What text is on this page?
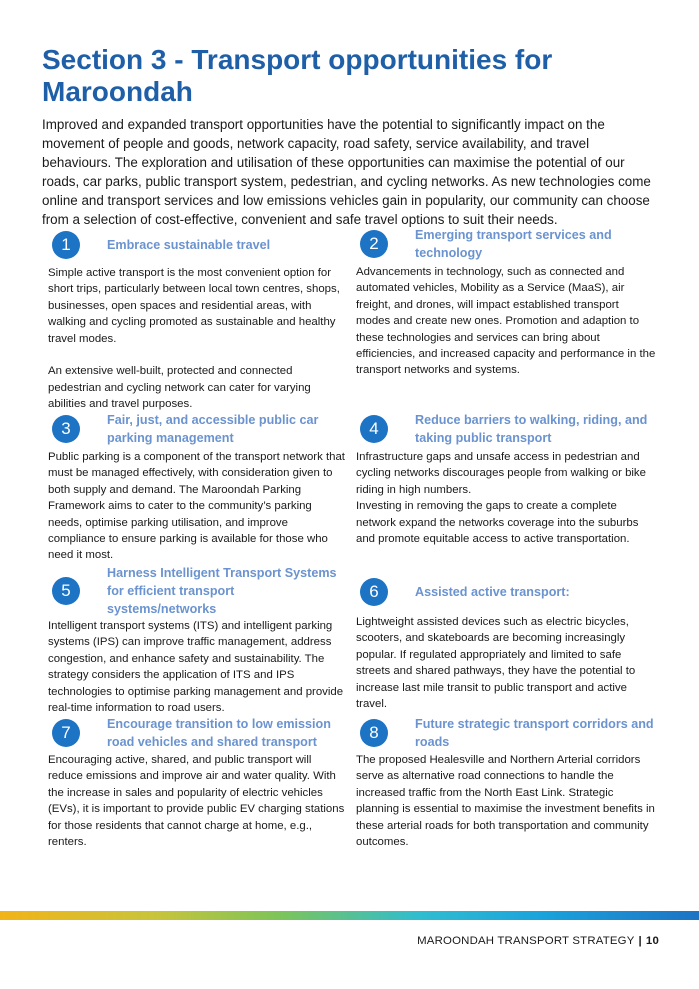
Section 3 - Transport opportunities for Maroondah

Improved and expanded transport opportunities have the potential to significantly impact on the movement of people and goods, network capacity, road safety, service availability, and travel behaviours. The exploration and utilisation of these opportunities can maximise the potential of our roads, car parks, public transport system, pedestrian, and cycling networks. As new technologies come online and transport services and low emissions vehicles gain in popularity, our community can choose from a selection of cost-effective, convenient and safe travel options to suit their needs.

1	Embrace sustainable travel

Simple active transport is the most convenient option for short trips, particularly between local town centres, shops, businesses, open spaces and residential areas, with walking and cycling promoted as sustainable and healthy travel modes.

An extensive well-built, protected and connected pedestrian and cycling network can cater for varying abilities and travel purposes.

2	Emerging transport services and technology

Advancements in technology, such as connected and automated vehicles, Mobility as a Service (MaaS), air freight, and drones, will impact established transport modes and create new ones. Promotion and adaption to these technologies and services can bring about efficiencies, and increased capacity and performance in the transport networks and systems.

3	Fair, just, and accessible public car parking management

Public parking is a component of the transport network that must be managed effectively, with consideration given to both supply and demand. The Maroondah Parking Framework aims to cater to the community’s parking needs, optimise parking utilisation, and improve compliance to ensure parking is available for those who need it most.

4	Reduce barriers to walking, riding, and taking public transport

Infrastructure gaps and unsafe access in pedestrian and cycling networks discourages people from walking or bike riding in high numbers.
Investing in removing the gaps to create a complete network expand the networks coverage into the suburbs and promote equitable access to active transportation.

5
Harness Intelligent Transport Systems for efficient transport systems/networks

Intelligent transport systems (ITS) and intelligent parking systems (IPS) can improve traffic management, address congestion, and enhance safety and sustainability. The strategy considers the application of ITS and IPS technologies to optimise parking management and provide real-time information to road users.

6	Assisted active transport:

Lightweight assisted devices such as electric bicycles, scooters, and skateboards are becoming increasingly popular. If regulated appropriately and limited to safe streets and shared pathways, they have the potential to increase last mile transit to public transport and active travel.

7	Encourage transition to low emission road vehicles and shared transport

Encouraging active, shared, and public transport will reduce emissions and improve air and water quality. With the increase in sales and popularity of electric vehicles (EVs), it is important to provide public EV charging stations for those residents that cannot charge at home, e.g., renters.

8	Future strategic transport corridors and roads

The proposed Healesville and Northern Arterial corridors serve as alternative road connections to handle the increased traffic from the North East Link. Strategic planning is essential to maximise the investment benefits in these arterial roads for both transportation and community outcomes.

MAROONDAH TRANSPORT STRATEGY | 10
